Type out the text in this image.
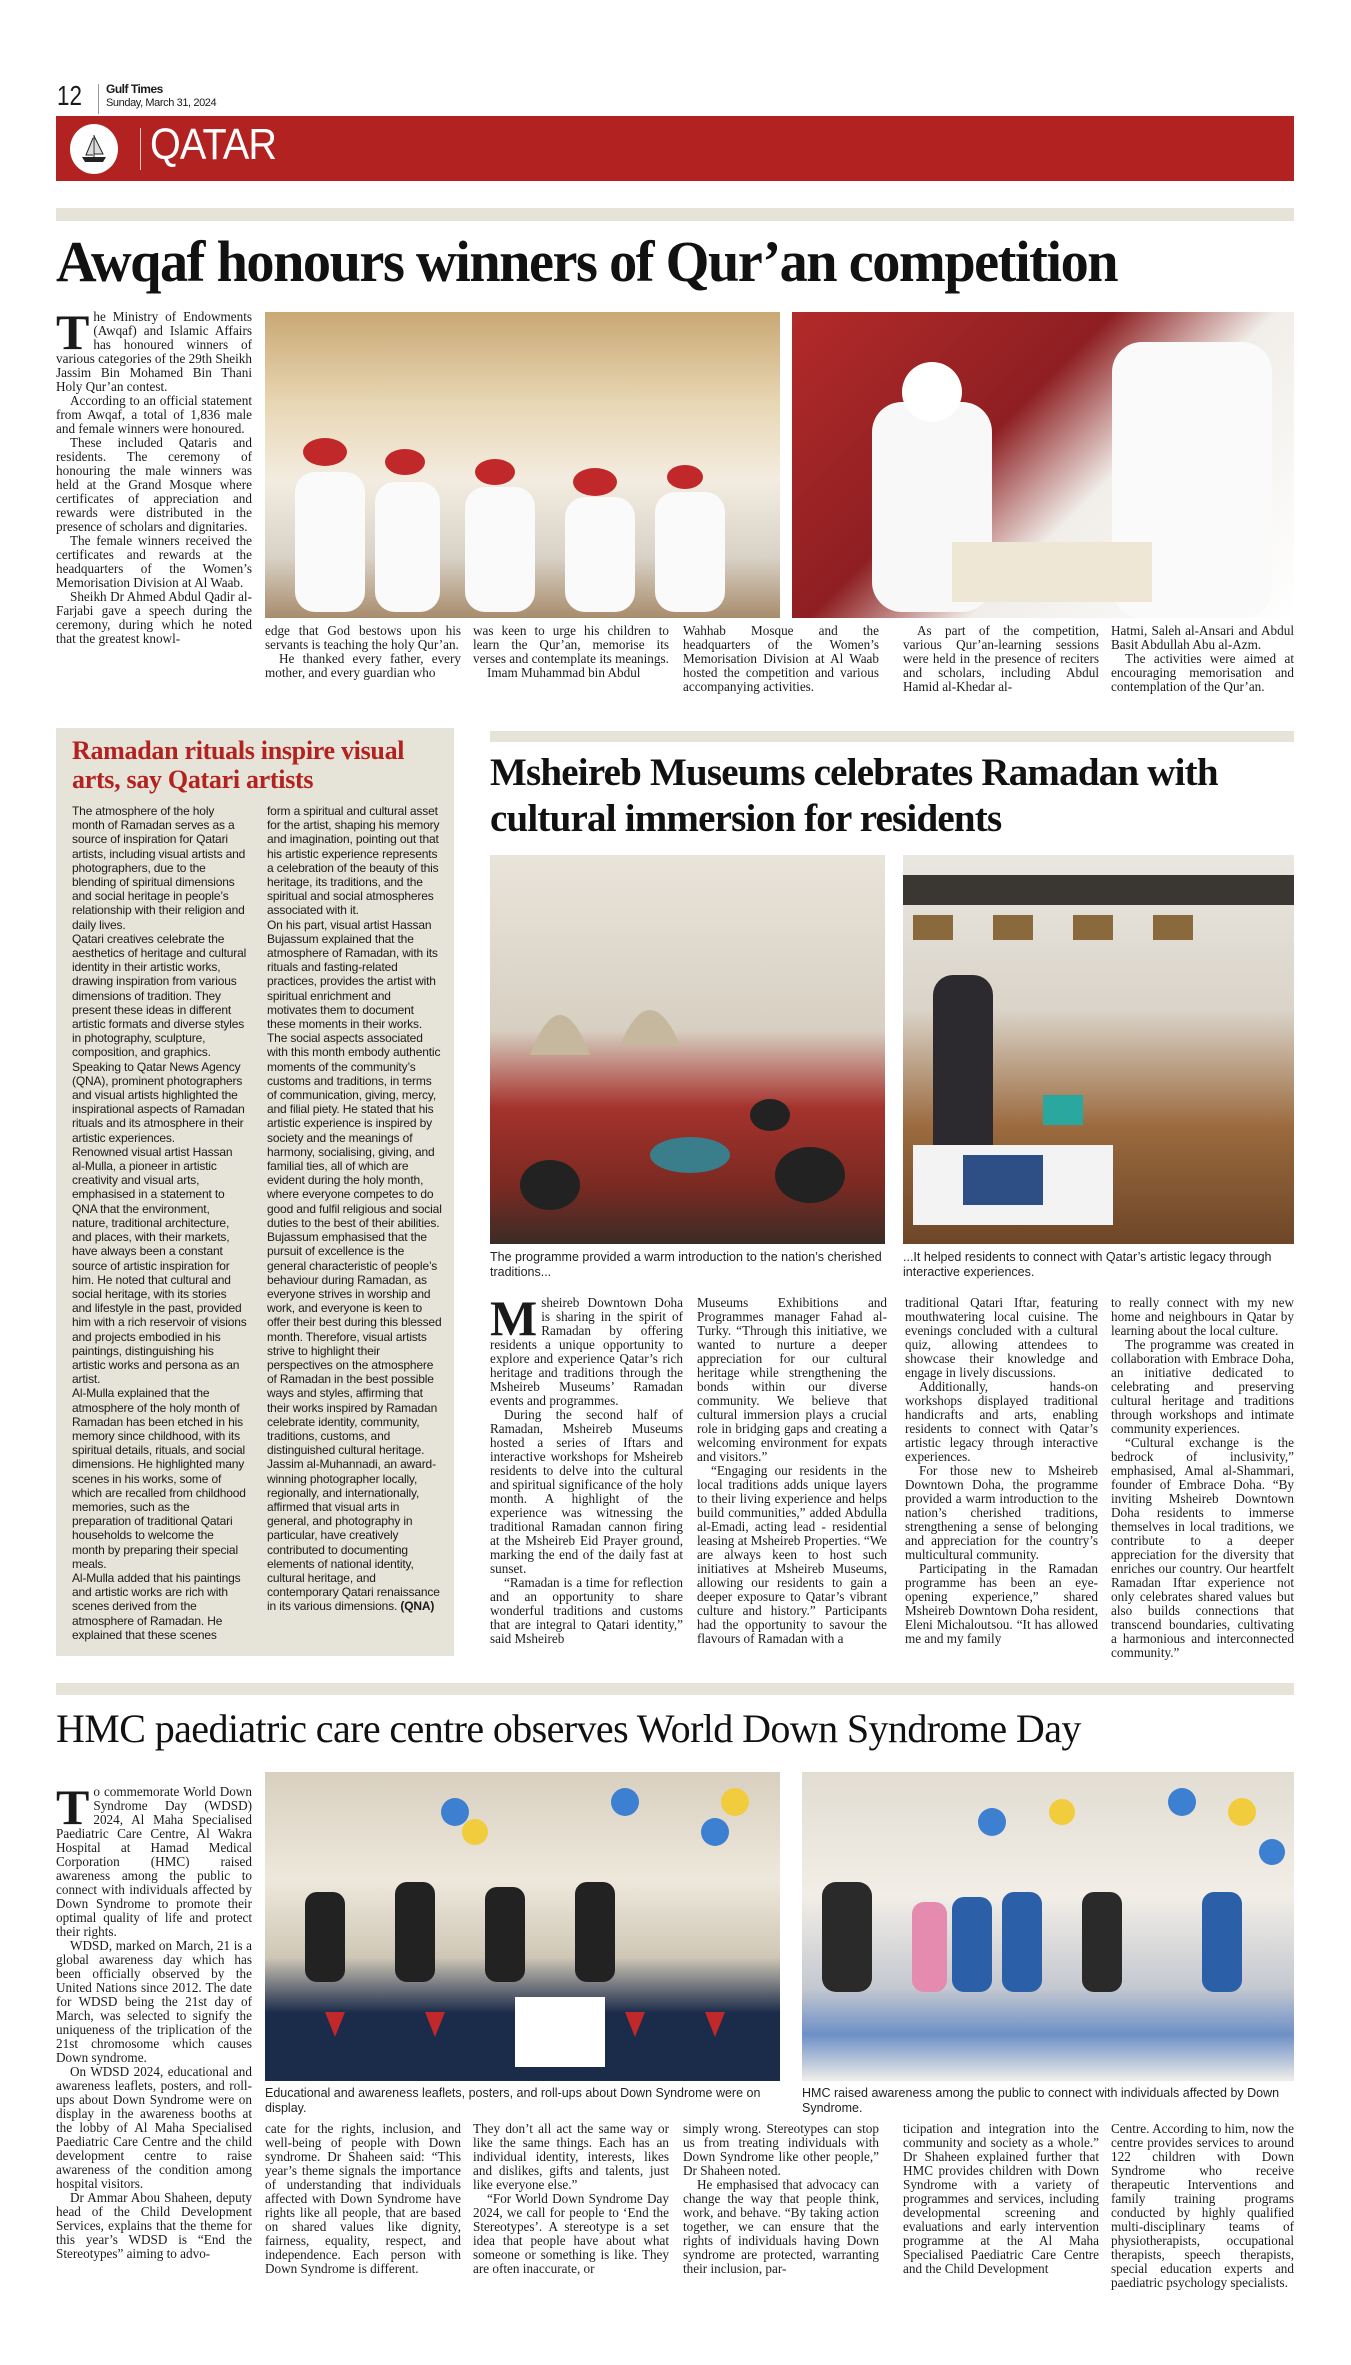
12 Gulf Times
Sunday, March 31, 2024
QATAR
Awqaf honours winners of Qur’an competition

The Ministry of Endowments (Awqaf) and Islamic Affairs has honoured winners of various categories of the 29th Sheikh Jassim Bin Mohamed Bin Thani Holy Qur’an contest.

According to an official statement from Awqaf, a total of 1,836 male and female winners were honoured.

These included Qataris and residents. The ceremony of honouring the male winners was held at the Grand Mosque where certificates of appreciation and rewards were distributed in the presence of scholars and dignitaries.

The female winners received the certificates and rewards at the headquarters of the Women’s Memorisation Division at Al Waab.

Sheikh Dr Ahmed Abdul Qadir al-Farjabi gave a speech during the ceremony, during which he noted that the greatest knowl-

edge that God bestows upon his servants is teaching the holy Qur’an.

He thanked every father, every mother, and every guardian who

was keen to urge his children to learn the Qur’an, memorise its verses and contemplate its meanings.

Imam Muhammad bin Abdul

Wahhab Mosque and the headquarters of the Women’s Memorisation Division at Al Waab hosted the competition and various accompanying activities.

As part of the competition, various Qur’an-learning sessions were held in the presence of reciters and scholars, including Abdul Hamid al-Khedar al-

Hatmi, Saleh al-Ansari and Abdul Basit Abdullah Abu al-Azm.

The activities were aimed at encouraging memorisation and contemplation of the Qur’an.

Ramadan rituals inspire visual arts, say Qatari artists

The atmosphere of the holy month of Ramadan serves as a source of inspiration for Qatari artists, including visual artists and photographers, due to the blending of spiritual dimensions and social heritage in people’s relationship with their religion and daily lives.

Qatari creatives celebrate the aesthetics of heritage and cultural identity in their artistic works, drawing inspiration from various dimensions of tradition. They present these ideas in different artistic formats and diverse styles in photography, sculpture, composition, and graphics.

Speaking to Qatar News Agency (QNA), prominent photographers and visual artists highlighted the inspirational aspects of Ramadan rituals and its atmosphere in their artistic experiences.

Renowned visual artist Hassan al-Mulla, a pioneer in artistic creativity and visual arts, emphasised in a statement to QNA that the environment, nature, traditional architecture, and places, with their markets, have always been a constant source of artistic inspiration for him. He noted that cultural and social heritage, with its stories and lifestyle in the past, provided him with a rich reservoir of visions and projects embodied in his paintings, distinguishing his artistic works and persona as an artist.

Al-Mulla explained that the atmosphere of the holy month of Ramadan has been etched in his memory since childhood, with its spiritual details, rituals, and social dimensions. He highlighted many scenes in his works, some of which are recalled from childhood memories, such as the preparation of traditional Qatari households to welcome the month by preparing their special meals.

Al-Mulla added that his paintings and artistic works are rich with scenes derived from the atmosphere of Ramadan. He explained that these scenes

form a spiritual and cultural asset for the artist, shaping his memory and imagination, pointing out that his artistic experience represents a celebration of the beauty of this heritage, its traditions, and the spiritual and social atmospheres associated with it.

On his part, visual artist Hassan Bujassum explained that the atmosphere of Ramadan, with its rituals and fasting-related practices, provides the artist with spiritual enrichment and motivates them to document these moments in their works. The social aspects associated with this month embody authentic moments of the community’s customs and traditions, in terms of communication, giving, mercy, and filial piety. He stated that his artistic experience is inspired by society and the meanings of harmony, socialising, giving, and familial ties, all of which are evident during the holy month, where everyone competes to do good and fulfil religious and social duties to the best of their abilities.

Bujassum emphasised that the pursuit of excellence is the general characteristic of people’s behaviour during Ramadan, as everyone strives in worship and work, and everyone is keen to offer their best during this blessed month. Therefore, visual artists strive to highlight their perspectives on the atmosphere of Ramadan in the best possible ways and styles, affirming that their works inspired by Ramadan celebrate identity, community, traditions, customs, and distinguished cultural heritage.

Jassim al-Muhannadi, an award-winning photographer locally, regionally, and internationally, affirmed that visual arts in general, and photography in particular, have creatively contributed to documenting elements of national identity, cultural heritage, and contemporary Qatari renaissance in its various dimensions. (QNA)

Msheireb Museums celebrates Ramadan with cultural immersion for residents
The programme provided a warm introduction to the nation’s cherished traditions...
...It helped residents to connect with Qatar’s artistic legacy through interactive experiences.

Msheireb Downtown Doha is sharing in the spirit of Ramadan by offering residents a unique opportunity to explore and experience Qatar’s rich heritage and traditions through the Msheireb Museums’ Ramadan events and programmes.

During the second half of Ramadan, Msheireb Museums hosted a series of Iftars and interactive workshops for Msheireb residents to delve into the cultural and spiritual significance of the holy month. A highlight of the experience was witnessing the traditional Ramadan cannon firing at the Msheireb Eid Prayer ground, marking the end of the daily fast at sunset.

“Ramadan is a time for reflection and an opportunity to share wonderful traditions and customs that are integral to Qatari identity,” said Msheireb

Museums Exhibitions and Programmes manager Fahad al-Turky. “Through this initiative, we wanted to nurture a deeper appreciation for our cultural heritage while strengthening the bonds within our diverse community. We believe that cultural immersion plays a crucial role in bridging gaps and creating a welcoming environment for expats and visitors.”

“Engaging our residents in the local traditions adds unique layers to their living experience and helps build communities,” added Abdulla al-Emadi, acting lead - residential leasing at Msheireb Properties. “We are always keen to host such initiatives at Msheireb Museums, allowing our residents to gain a deeper exposure to Qatar’s vibrant culture and history.” Participants had the opportunity to savour the flavours of Ramadan with a

traditional Qatari Iftar, featuring mouthwatering local cuisine. The evenings concluded with a cultural quiz, allowing attendees to showcase their knowledge and engage in lively discussions.

Additionally, hands-on workshops displayed traditional handicrafts and arts, enabling residents to connect with Qatar’s artistic legacy through interactive experiences.

For those new to Msheireb Downtown Doha, the programme provided a warm introduction to the nation’s cherished traditions, strengthening a sense of belonging and appreciation for the country’s multicultural community.

Participating in the Ramadan programme has been an eye-opening experience,” shared Msheireb Downtown Doha resident, Eleni Michaloutsou. “It has allowed me and my family

to really connect with my new home and neighbours in Qatar by learning about the local culture.

The programme was created in collaboration with Embrace Doha, an initiative dedicated to celebrating and preserving cultural heritage and traditions through workshops and intimate community experiences.

“Cultural exchange is the bedrock of inclusivity,” emphasised, Amal al-Shammari, founder of Embrace Doha. “By inviting Msheireb Downtown Doha residents to immerse themselves in local traditions, we contribute to a deeper appreciation for the diversity that enriches our country. Our heartfelt Ramadan Iftar experience not only celebrates shared values but also builds connections that transcend boundaries, cultivating a harmonious and interconnected community.”

HMC paediatric care centre observes World Down Syndrome Day

To commemorate World Down Syndrome Day (WDSD) 2024, Al Maha Specialised Paediatric Care Centre, Al Wakra Hospital at Hamad Medical Corporation (HMC) raised awareness among the public to connect with individuals affected by Down Syndrome to promote their optimal quality of life and protect their rights.

WDSD, marked on March, 21 is a global awareness day which has been officially observed by the United Nations since 2012. The date for WDSD being the 21st day of March, was selected to signify the uniqueness of the triplication of the 21st chromosome which causes Down syndrome.

On WDSD 2024, educational and awareness leaflets, posters, and roll-ups about Down Syndrome were on display in the awareness booths at the lobby of Al Maha Specialised Paediatric Care Centre and the child development centre to raise awareness of the condition among hospital visitors.

Dr Ammar Abou Shaheen, deputy head of the Child Development Services, explains that the theme for this year’s WDSD is “End the Stereotypes” aiming to advo-

Educational and awareness leaflets, posters, and roll-ups about Down Syndrome were on display.
HMC raised awareness among the public to connect with individuals affected by Down Syndrome.

cate for the rights, inclusion, and well-being of people with Down syndrome. Dr Shaheen said: “This year’s theme signals the importance of understanding that individuals affected with Down Syndrome have rights like all people, that are based on shared values like dignity, fairness, equality, respect, and independence. Each person with Down Syndrome is different.

They don’t all act the same way or like the same things. Each has an individual identity, interests, likes and dislikes, gifts and talents, just like everyone else.”

“For World Down Syndrome Day 2024, we call for people to ‘End the Stereotypes’. A stereotype is a set idea that people have about what someone or something is like. They are often inaccurate, or

simply wrong. Stereotypes can stop us from treating individuals with Down Syndrome like other people,” Dr Shaheen noted.

He emphasised that advocacy can change the way that people think, work, and behave. “By taking action together, we can ensure that the rights of individuals having Down syndrome are protected, warranting their inclusion, par-

ticipation and integration into the community and society as a whole.” Dr Shaheen explained further that HMC provides children with Down Syndrome with a variety of programmes and services, including developmental screening and evaluations and early intervention programme at the Al Maha Specialised Paediatric Care Centre and the Child Development

Centre. According to him, now the centre provides services to around 122 children with Down Syndrome who receive therapeutic Interventions and family training programs conducted by highly qualified multi-disciplinary teams of physiotherapists, occupational therapists, speech therapists, special education experts and paediatric psychology specialists.
